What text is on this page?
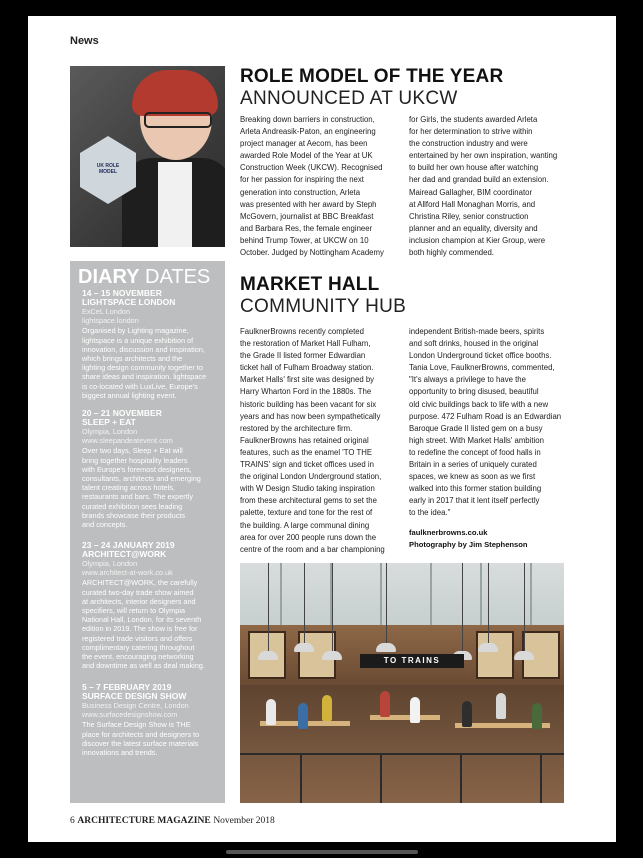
News
UK ROLE MODEL
ROLE MODEL OF THE YEAR
ANNOUNCED AT UKCW

Breaking down barriers in construction,

Arleta Andreasik-Paton, an engineering

project manager at Aecom, has been

awarded Role Model of the Year at UK

Construction Week (UKCW). Recognised

for her passion for inspiring the next

generation into construction, Arleta

was presented with her award by Steph

McGovern, journalist at BBC Breakfast

and Barbara Res, the female engineer

behind Trump Tower, at UKCW on 10

October. Judged by Nottingham Academy

for Girls, the students awarded Arleta

for her determination to strive within

the construction industry and were

entertained by her own inspiration, wanting

to build her own house after watching

her dad and grandad build an extension.

Mairead Gallagher, BIM coordinator

at Allford Hall Monaghan Morris, and

Christina Riley, senior construction

planner and an equality, diversity and

inclusion champion at Kier Group, were

both highly commended.

DIARY DATES
14 – 15 NOVEMBER
LIGHTSPACE LONDON
ExCeL London
lightspace.london
Organised by Lighting magazine,
lightspace is a unique exhibition of
innovation, discussion and inspiration,
which brings architects and the
lighting design community together to
share ideas and inspiration. lightspace
is co-located with LuxLive, Europe's
biggest annual lighting event.
20 – 21 NOVEMBER
SLEEP + EAT
Olympia, London
www.sleepandeatevent.com
Over two days, Sleep + Eat will
bring together hospitality leaders
with Europe's foremost designers,
consultants, architects and emerging
talent creating across hotels,
restaurants and bars. The expertly
curated exhibition sees leading
brands showcase their products
and concepts.
23 – 24 JANUARY 2019
ARCHITECT@WORK
Olympia, London
www.architect-at-work.co.uk
ARCHITECT@WORK, the carefully
curated two-day trade show aimed
at architects, interior designers and
specifiers, will return to Olympia
National Hall, London, for its seventh
edition in 2019. The show is free for
registered trade visitors and offers
complimentary catering throughout
the event, encouraging networking
and downtime as well as deal making.
5 – 7 FEBRUARY 2019
SURFACE DESIGN SHOW
Business Design Centre, London
www.surfacedesignshow.com
The Surface Design Show is THE
place for architects and designers to
discover the latest surface materials
innovations and trends.
MARKET HALL
COMMUNITY HUB

FaulknerBrowns recently completed

the restoration of Market Hall Fulham,

the Grade II listed former Edwardian

ticket hall of Fulham Broadway station.

Market Halls' first site was designed by

Harry Wharton Ford in the 1880s. The

historic building has been vacant for six

years and has now been sympathetically

restored by the architecture firm.

FaulknerBrowns has retained original

features, such as the enamel 'TO THE

TRAINS' sign and ticket offices used in

the original London Underground station,

with W Design Studio taking inspiration

from these architectural gems to set the

palette, texture and tone for the rest of

the building. A large communal dining

area for over 200 people runs down the

centre of the room and a bar championing

independent British-made beers, spirits

and soft drinks, housed in the original

London Underground ticket office booths.

Tania Love, FaulknerBrowns, commented,

"It's always a privilege to have the

opportunity to bring disused, beautiful

old civic buildings back to life with a new

purpose. 472 Fulham Road is an Edwardian

Baroque Grade II listed gem on a busy

high street. With Market Halls' ambition

to redefine the concept of food halls in

Britain in a series of uniquely curated

spaces, we knew as soon as we first

walked into this former station building

early in 2017 that it lent itself perfectly

to the idea."

faulknerbrowns.co.uk
Photography by Jim Stephenson
TO TRAINS
6 ARCHITECTURE MAGAZINE November 2018
